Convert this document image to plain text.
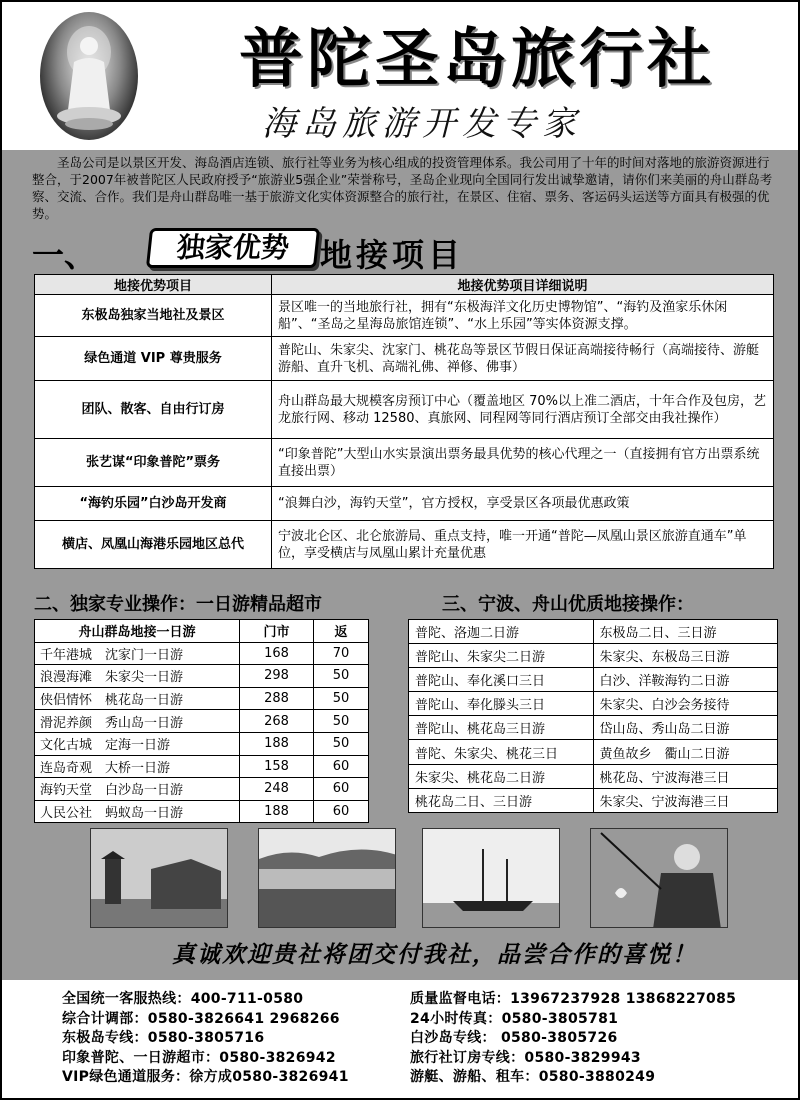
普陀圣岛旅行社
海岛旅游开发专家

圣岛公司是以景区开发、海岛酒店连锁、旅行社等业务为核心组成的投资管理体系。我公司用了十年的时间对落地的旅游资源进行整合，于2007年被普陀区人民政府授予“旅游业5强企业”荣誉称号，圣岛企业现向全国同行发出诚挚邀请，请你们来美丽的舟山群岛考察、交流、合作。我们是舟山群岛唯一基于旅游文化实体资源整合的旅行社，在景区、住宿、票务、客运码头运送等方面具有极强的优势。

一、	独家优势 地接项目
地接优势项目	地接优势项目详细说明
东极岛独家当地社及景区	景区唯一的当地旅行社，拥有“东极海洋文化历史博物馆”、“海钓及渔家乐休闲船”、“圣岛之星海岛旅馆连锁”、“水上乐园”等实体资源支撑。
绿色通道 VIP 尊贵服务	普陀山、朱家尖、沈家门、桃花岛等景区节假日保证高端接待畅行（高端接待、游艇游船、直升飞机、高端礼佛、禅修、佛事）
团队、散客、自由行订房	舟山群岛最大规模客房预订中心（覆盖地区 70%以上准二酒店，十年合作及包房，艺龙旅行网、移动 12580、真旅网、同程网等同行酒店预订全部交由我社操作）
张艺谋“印象普陀”票务	“印象普陀”大型山水实景演出票务最具优势的核心代理之一（直接拥有官方出票系统直接出票）
“海钓乐园”白沙岛开发商	“浪舞白沙，海钓天堂”，官方授权，享受景区各项最优惠政策
横店、凤凰山海港乐园地区总代	宁波北仑区、北仑旅游局、重点支持，唯一开通“普陀—凤凰山景区旅游直通车”单位，享受横店与凤凰山累计充量优惠
二、独家专业操作：一日游精品超市	三、宁波、舟山优质地接操作：
舟山群岛地接一日游	门市	返
千年港城　 沈家门一日游	168	70
浪漫海滩　 朱家尖一日游	298	50
侠侣情怀　 桃花岛一日游	288	50
滑泥养颜　 秀山岛一日游	268	50
文化古城　 定海一日游	188	50
连岛奇观　 大桥一日游	158	60
海钓天堂　 白沙岛一日游	248	60
人民公社　 蚂蚁岛一日游	188	60
普陀、洛迦二日游	东极岛二日、三日游
普陀山、朱家尖二日游	朱家尖、东极岛三日游
普陀山、奉化溪口三日	白沙、洋鞍海钓二日游
普陀山、奉化滕头三日	朱家尖、白沙会务接待
普陀山、桃花岛三日游	岱山岛、秀山岛二日游
普陀、朱家尖、桃花三日	黄鱼故乡　衢山二日游
朱家尖、桃花岛二日游	桃花岛、宁波海港三日
桃花岛二日、三日游	朱家尖、宁波海港三日
真诚欢迎贵社将团交付我社，品尝合作的喜悦！
全国统一客服热线：400-711-0580
综合计调部：0580-3826641 2968266
东极岛专线：0580-3805716
印象普陀、一日游超市：0580-3826942
VIP绿色通道服务：徐方成0580-3826941
质量监督电话：13967237928 13868227085
24小时传真：0580-3805781
白沙岛专线： 0580-3805726
旅行社订房专线：0580-3829943
游艇、游船、租车：0580-3880249
